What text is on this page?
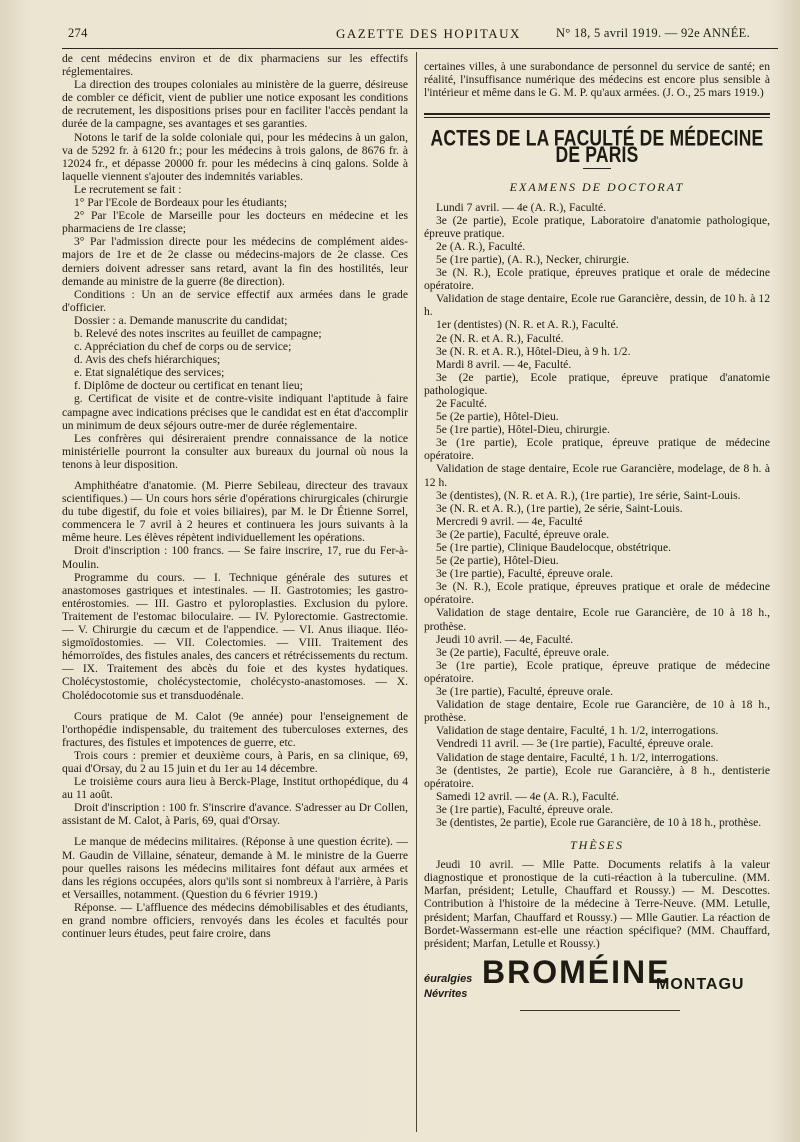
274	GAZETTE DES HOPITAUX	N° 18, 5 avril 1919. — 92e ANNÉE.

de cent médecins environ et de dix pharmaciens sur les effectifs réglementaires.

La direction des troupes coloniales au ministère de la guerre, désireuse de combler ce déficit, vient de publier une notice exposant les conditions de recrutement, les dispositions prises pour en faciliter l'accès pendant la durée de la campagne, ses avantages et ses garanties.

Notons le tarif de la solde coloniale qui, pour les médecins à un galon, va de 5292 fr. à 6120 fr.; pour les médecins à trois galons, de 8676 fr. à 12024 fr., et dépasse 20000 fr. pour les médecins à cinq galons. Solde à laquelle viennent s'ajouter des indemnités variables.

Le recrutement se fait :

1° Par l'Ecole de Bordeaux pour les étudiants;

2° Par l'Ecole de Marseille pour les docteurs en médecine et les pharmaciens de 1re classe;

3° Par l'admission directe pour les médecins de complément aides-majors de 1re et de 2e classe ou médecins-majors de 2e classe. Ces derniers doivent adresser sans retard, avant la fin des hostilités, leur demande au ministre de la guerre (8e direction).

Conditions : Un an de service effectif aux armées dans le grade d'officier.

Dossier : a. Demande manuscrite du candidat;

b. Relevé des notes inscrites au feuillet de campagne;

c. Appréciation du chef de corps ou de service;

d. Avis des chefs hiérarchiques;

e. Etat signalétique des services;

f. Diplôme de docteur ou certificat en tenant lieu;

g. Certificat de visite et de contre-visite indiquant l'aptitude à faire campagne avec indications précises que le candidat est en état d'accomplir un minimum de deux séjours outre-mer de durée réglementaire.

Les confrères qui désireraient prendre connaissance de la notice ministérielle pourront la consulter aux bureaux du journal où nous la tenons à leur disposition.

Amphithéatre d'anatomie. (M. Pierre Sebileau, directeur des travaux scientifiques.) — Un cours hors série d'opérations chirurgicales (chirurgie du tube digestif, du foie et voies biliaires), par M. le Dr Étienne Sorrel, commencera le 7 avril à 2 heures et continuera les jours suivants à la même heure. Les élèves répètent individuellement les opérations.

Droit d'inscription : 100 francs. — Se faire inscrire, 17, rue du Fer-à-Moulin.

Programme du cours. — I. Technique générale des sutures et anastomoses gastriques et intestinales. — II. Gastrotomies; les gastro-entérostomies. — III. Gastro et pyloroplasties. Exclusion du pylore. Traitement de l'estomac biloculaire. — IV. Pylorectomie. Gastrectomie. — V. Chirurgie du cæcum et de l'appendice. — VI. Anus iliaque. Iléo-sigmoïdostomies. — VII. Colectomies. — VIII. Traitement des hémorroïdes, des fistules anales, des cancers et rétrécissements du rectum. — IX. Traitement des abcès du foie et des kystes hydatiques. Cholécystostomie, cholécystectomie, cholécysto-anastomoses. — X. Cholédocotomie sus et transduodénale.

Cours pratique de M. Calot (9e année) pour l'enseignement de l'orthopédie indispensable, du traitement des tuberculoses externes, des fractures, des fistules et impotences de guerre, etc.

Trois cours : premier et deuxième cours, à Paris, en sa clinique, 69, quai d'Orsay, du 2 au 15 juin et du 1er au 14 décembre.

Le troisième cours aura lieu à Berck-Plage, Institut orthopédique, du 4 au 11 août.

Droit d'inscription : 100 fr. S'inscrire d'avance. S'adresser au Dr Collen, assistant de M. Calot, à Paris, 69, quai d'Orsay.

Le manque de médecins militaires. (Réponse à une question écrite). — M. Gaudin de Villaine, sénateur, demande à M. le ministre de la Guerre pour quelles raisons les médecins militaires font défaut aux armées et dans les régions occupées, alors qu'ils sont si nombreux à l'arrière, à Paris et Versailles, notamment. (Question du 6 février 1919.)

Réponse. — L'affluence des médecins démobilisables et des étudiants, en grand nombre officiers, renvoyés dans les écoles et facultés pour continuer leurs études, peut faire croire, dans

certaines villes, à une surabondance de personnel du service de santé; en réalité, l'insuffisance numérique des médecins est encore plus sensible à l'intérieur et même dans le G. M. P. qu'aux armées. (J. O., 25 mars 1919.)

ACTES DE LA FACULTÉ DE MÉDECINE DE PARIS
EXAMENS DE DOCTORAT

Lundi 7 avril. — 4e (A. R.), Faculté.

3e (2e partie), Ecole pratique, Laboratoire d'anatomie pathologique, épreuve pratique.

2e (A. R.), Faculté.

5e (1re partie), (A. R.), Necker, chirurgie.

3e (N. R.), Ecole pratique, épreuves pratique et orale de médecine opératoire.

Validation de stage dentaire, Ecole rue Garancière, dessin, de 10 h. à 12 h.

1er (dentistes) (N. R. et A. R.), Faculté.

2e (N. R. et A. R.), Faculté.

3e (N. R. et A. R.), Hôtel-Dieu, à 9 h. 1/2.

Mardi 8 avril. — 4e, Faculté.

3e (2e partie), Ecole pratique, épreuve pratique d'anatomie pathologique.

2e Faculté.

5e (2e partie), Hôtel-Dieu.

5e (1re partie), Hôtel-Dieu, chirurgie.

3e (1re partie), Ecole pratique, épreuve pratique de médecine opératoire.

Validation de stage dentaire, Ecole rue Garancière, modelage, de 8 h. à 12 h.

3e (dentistes), (N. R. et A. R.), (1re partie), 1re série, Saint-Louis.

3e (N. R. et A. R.), (1re partie), 2e série, Saint-Louis.

Mercredi 9 avril. — 4e, Faculté

3e (2e partie), Faculté, épreuve orale.

5e (1re partie), Clinique Baudelocque, obstétrique.

5e (2e partie), Hôtel-Dieu.

3e (1re partie), Faculté, épreuve orale.

3e (N. R.), Ecole pratique, épreuves pratique et orale de médecine opératoire.

Validation de stage dentaire, Ecole rue Garancière, de 10 à 18 h., prothèse.

Jeudi 10 avril. — 4e, Faculté.

3e (2e partie), Faculté, épreuve orale.

3e (1re partie), Ecole pratique, épreuve pratique de médecine opératoire.

3e (1re partie), Faculté, épreuve orale.

Validation de stage dentaire, Ecole rue Garancière, de 10 à 18 h., prothèse.

Validation de stage dentaire, Faculté, 1 h. 1/2, interrogations.

Vendredi 11 avril. — 3e (1re partie), Faculté, épreuve orale.

Validation de stage dentaire, Faculté, 1 h. 1/2, interrogations.

3e (dentistes, 2e partie), Ecole rue Garancière, à 8 h., dentisterie opératoire.

Samedi 12 avril. — 4e (A. R.), Faculté.

3e (1re partie), Faculté, épreuve orale.

3e (dentistes, 2e partie), Ecole rue Garancière, de 10 à 18 h., prothèse.

THÈSES

Jeudi 10 avril. — Mlle Patte. Documents relatifs à la valeur diagnostique et pronostique de la cuti-réaction à la tuberculine. (MM. Marfan, président; Letulle, Chauffard et Roussy.) — M. Descottes. Contribution à l'histoire de la médecine à Terre-Neuve. (MM. Letulle, président; Marfan, Chauffard et Roussy.) — Mlle Gautier. La réaction de Bordet-Wassermann est-elle une réaction spécifique? (MM. Chauffard, président; Marfan, Letulle et Roussy.)

éuralgies
Névrites
BROMÉINE
MONTAGU
